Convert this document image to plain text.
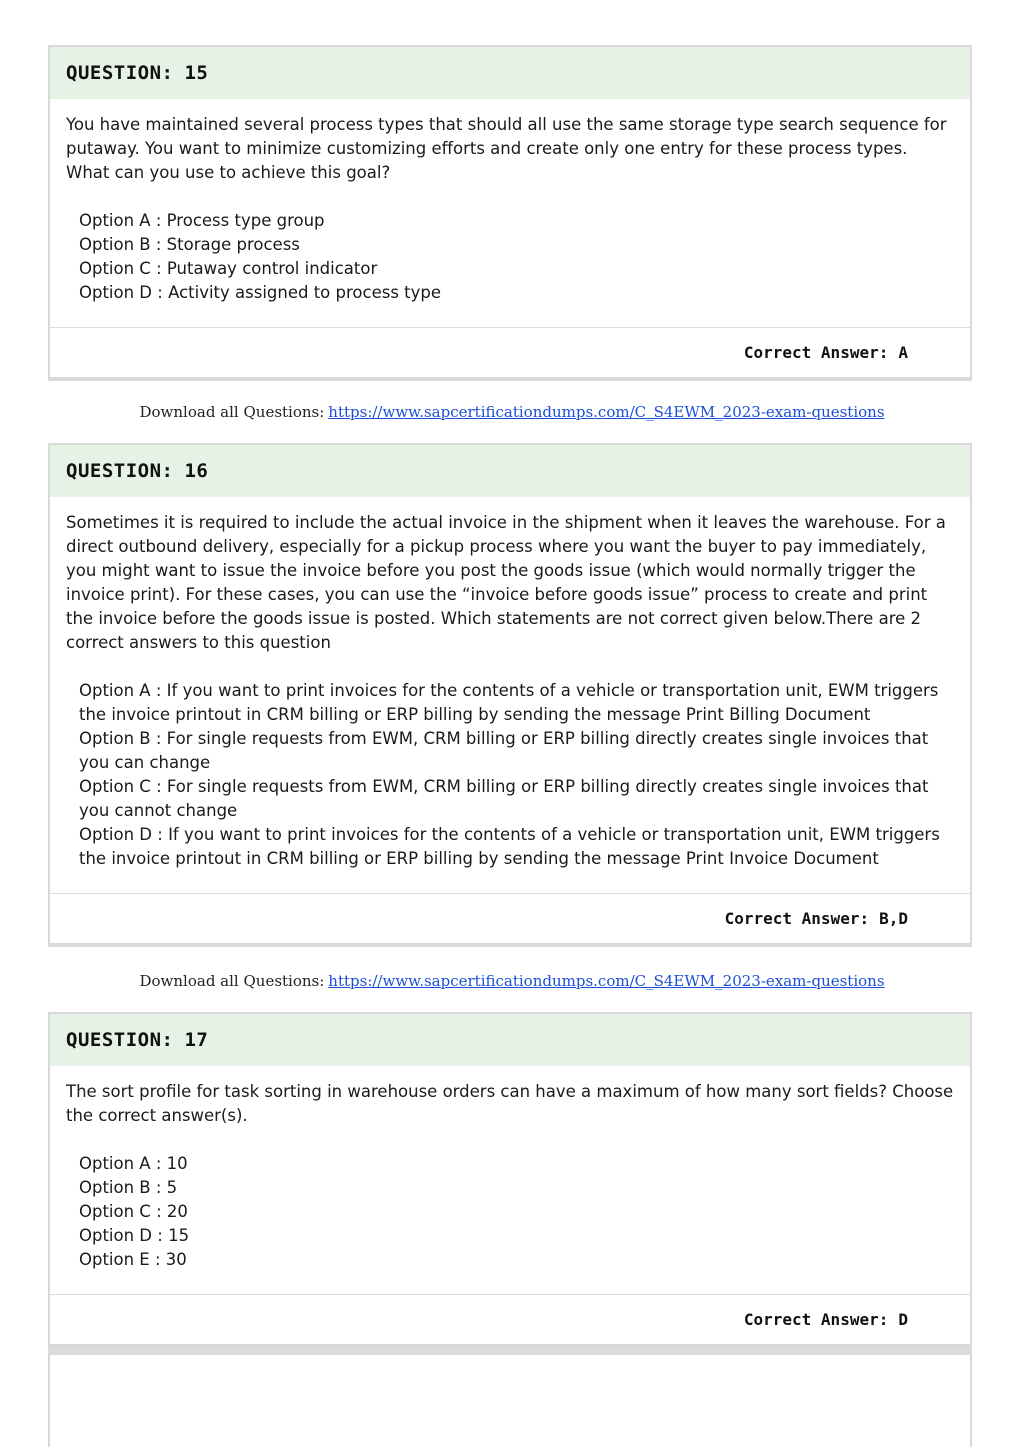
QUESTION: 15

You have maintained several process types that should all use the same storage type search sequence for putaway. You want to minimize customizing efforts and create only one entry for these process types. What can you use to achieve this goal?

Option A : Process type group
Option B : Storage process
Option C : Putaway control indicator
Option D : Activity assigned to process type
Correct Answer: A
Download all Questions: https://www.sapcertificationdumps.com/C_S4EWM_2023-exam-questions
QUESTION: 16

Sometimes it is required to include the actual invoice in the shipment when it leaves the warehouse. For a direct outbound delivery, especially for a pickup process where you want the buyer to pay immediately, you might want to issue the invoice before you post the goods issue (which would normally trigger the invoice print). For these cases, you can use the “invoice before goods issue” process to create and print the invoice before the goods issue is posted. Which statements are not correct given below.There are 2 correct answers to this question

Option A : If you want to print invoices for the contents of a vehicle or transportation unit, EWM triggers the invoice printout in CRM billing or ERP billing by sending the message Print Billing Document
Option B : For single requests from EWM, CRM billing or ERP billing directly creates single invoices that you can change
Option C : For single requests from EWM, CRM billing or ERP billing directly creates single invoices that you cannot change
Option D : If you want to print invoices for the contents of a vehicle or transportation unit, EWM triggers the invoice printout in CRM billing or ERP billing by sending the message Print Invoice Document
Correct Answer: B,D
Download all Questions: https://www.sapcertificationdumps.com/C_S4EWM_2023-exam-questions
QUESTION: 17

The sort profile for task sorting in warehouse orders can have a maximum of how many sort fields? Choose the correct answer(s).

Option A : 10
Option B : 5
Option C : 20
Option D : 15
Option E : 30
Correct Answer: D
